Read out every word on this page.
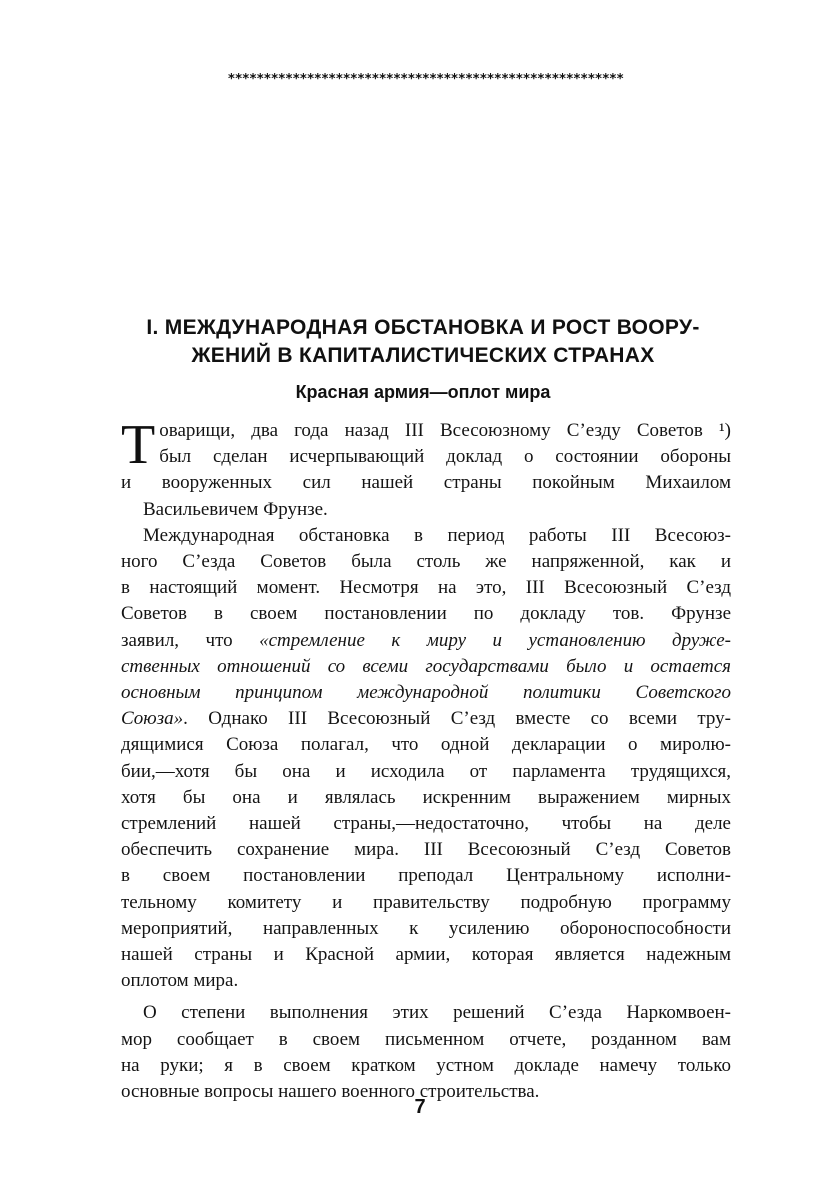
*******************************************************
I. МЕЖДУНАРОДНАЯ ОБСТАНОВКА И РОСТ ВООРУ-
ЖЕНИЙ В КАПИТАЛИСТИЧЕСКИХ СТРАНАХ
Красная армия—оплот мира

Т оварищи, два года назад III Всесоюзному С’езду Советов ¹)
был сделан исчерпывающий доклад о состоянии обороны
и вооруженных сил нашей страны покойным Михаилом
Васильевичем Фрунзе.

Международная обстановка в период работы III Всесоюз-
ного С’езда Советов была столь же напряженной, как и
в настоящий момент. Несмотря на это, III Всесоюзный С’езд
Советов в своем постановлении по докладу тов. Фрунзе
заявил, что «стремление к миру и установлению друже-
ственных отношений со всеми государствами было и остается
основным принципом международной политики Советского
Союза». Однако III Всесоюзный С’езд вместе со всеми тру-
дящимися Союза полагал, что одной декларации о миролю-
бии,—хотя бы она и исходила от парламента трудящихся,
хотя бы она и являлась искренним выражением мирных
стремлений нашей страны,—недостаточно, чтобы на деле
обеспечить сохранение мира. III Всесоюзный С’езд Советов
в своем постановлении преподал Центральному исполни-
тельному комитету и правительству подробную программу
мероприятий, направленных к усилению обороноспособности
нашей страны и Красной армии, которая является надежным
оплотом мира.

О степени выполнения этих решений С’езда Наркомвоен-
мор сообщает в своем письменном отчете, розданном вам
на руки; я в своем кратком устном докладе намечу только
основные вопросы нашего военного строительства.

7
